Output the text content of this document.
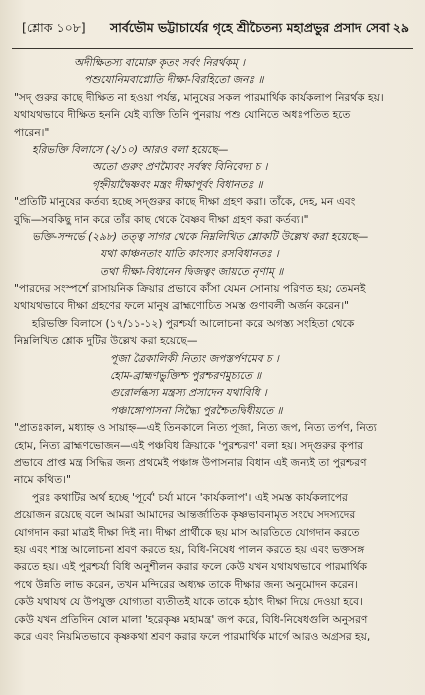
[শ্লোক ১০৮] সার্বভৌম ভট্টাচার্যের গৃহে শ্রীচৈতন্য মহাপ্রভুর প্রসাদ সেবা ২৯
অদীক্ষিতস্য বামোরু কৃতং সর্বং নিরর্থকম্ ।
পশুযোনিমবাপ্নোতি দীক্ষা-বিরহিতো জনঃ ॥
"সদ্ গুরুর কাছে দীক্ষিত না হওয়া পর্যন্ত, মানুষের সকল পারমার্থিক কার্যকলাপ নিরর্থক হয়।
যথাযথভাবে দীক্ষিত হননি যেই ব্যক্তি তিনি পুনরায় পশু যোনিতে অধঃপতিত হতে
পারেন।"
হরিভক্তি বিলাসে (২/১০) আরও বলা হয়েছে—
অতো গুরুং প্রণম্যৈবং সর্বস্বং বিনিবেদ্য চ ।
গৃহ্নীয়াদ্বৈষ্ণবং মন্ত্রং দীক্ষাপূর্বং বিধানতঃ ॥
"প্রতিটি মানুষের কর্তব্য হচ্ছে সদ্গুরুর কাছে দীক্ষা গ্রহণ করা। তাঁকে, দেহ, মন এবং
বুদ্ধি—সবকিছু দান করে তাঁর কাছ থেকে বৈষ্ণব দীক্ষা গ্রহণ করা কর্তব্য।"
ভক্তি-সন্দর্ভে (২৯৮) তত্ত্ব সাগর থেকে নিম্নলিখিত শ্লোকটি উল্লেখ করা হয়েছে—
যথা কাঞ্চনতাং যাতি কাংস্যং রসবিধানতঃ ।
তথা দীক্ষা-বিধানেন দ্বিজত্বং জায়তে নৃণাম্ ॥
"পারদের সংস্পর্শে রাসায়নিক ক্রিয়ার প্রভাবে কাঁসা যেমন সোনায় পরিণত হয়; তেমনই
যথাযথভাবে দীক্ষা গ্রহণের ফলে মানুষ ব্রাহ্মণোচিত সমস্ত গুণাবলী অর্জন করেন।"
হরিভক্তি বিলাসে (১৭/১১-১২) পুরশ্চর্যা আলোচনা করে অগস্ত্য সংহিতা থেকে
নিম্নলিখিত শ্লোক দুটির উল্লেখ করা হয়েছে—
পূজা ত্রৈকালিকী নিত্যং জপস্তর্পণমেব চ ।
হোম-ব্রাহ্মণভুক্তিশ্চ পুরশ্চরণমুচ্যতে ॥
গুরোর্লব্ধস্য মন্ত্রস্য প্রসাদেন যথাবিধি ।
পঞ্চাঙ্গোপাসনা সিদ্ধ্যৈ পুরশ্চৈতদ্বিধীয়তে ॥
"প্রাতঃকাল, মধ্যাহ্ন ও সায়াহ্ন—এই তিনকালে নিত্য পূজা, নিত্য জপ, নিত্য তর্পণ, নিত্য
হোম, নিত্য ব্রাহ্মণভোজন—এই পঞ্চবিধ ক্রিয়াকে 'পুরশ্চরণ' বলা হয়। সদ্গুরুর কৃপার
প্রভাবে প্রাপ্ত মন্ত্র সিদ্ধির জন্য প্রথমেই পঞ্চাঙ্গ উপাসনার বিধান এই জন্যই তা পুরশ্চরণ
নামে কথিত।"
পুরঃ কথাটির অর্থ হচ্ছে 'পূর্বে' চর্যা মানে 'কার্যকলাপ'। এই সমস্ত কার্যকলাপের
প্রয়োজন রয়েছে বলে আমরা আমাদের আন্তর্জাতিক কৃষ্ণভাবনামৃত সংঘে সদস্যদের
যোগদান করা মাত্রই দীক্ষা দিই না। দীক্ষা প্রার্থীকে ছয় মাস আরতিতে যোগদান করতে
হয় এবং শাস্ত্র আলোচনা শ্রবণ করতে হয়, বিধি-নিষেধ পালন করতে হয় এবং ভক্তসঙ্গ
করতে হয়। এই পুরশ্চর্যা বিধি অনুশীলন করার ফলে কেউ যখন যথাযথভাবে পারমার্থিক
পথে উন্নতি লাভ করেন, তখন মন্দিরের অধ্যক্ষ তাকে দীক্ষার জন্য অনুমোদন করেন।
কেউ যথাযথ যে উপযুক্ত যোগ্যতা ব্যতীতই যাকে তাকে হঠাৎ দীক্ষা দিয়ে দেওয়া হবে।
কেউ যখন প্রতিদিন ষোল মালা 'হরেকৃষ্ণ মহামন্ত্র' জপ করে, বিধি-নিষেধগুলি অনুসরণ
করে এবং নিয়মিতভাবে কৃষ্ণকথা শ্রবণ করার ফলে পারমার্থিক মার্গে আরও অগ্রসর হয়,
